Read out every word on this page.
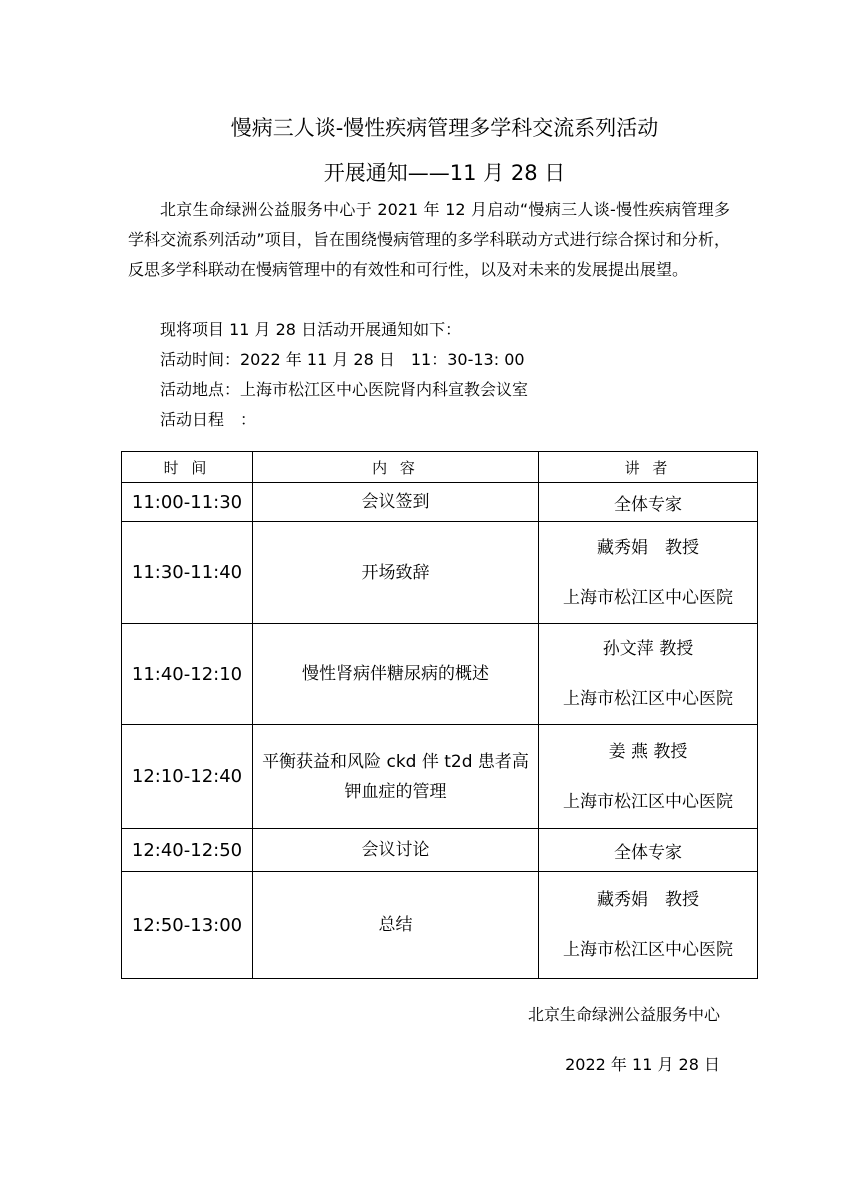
慢病三人谈-慢性疾病管理多学科交流系列活动
开展通知——11 月 28 日

北京生命绿洲公益服务中心于 2021 年 12 月启动“慢病三人谈-慢性疾病管理多学科交流系列活动”项目，旨在围绕慢病管理的多学科联动方式进行综合探讨和分析，反思多学科联动在慢病管理中的有效性和可行性，以及对未来的发展提出展望。

现将项目 11 月 28 日活动开展通知如下：

活动时间：2022 年 11 月 28 日　11：30-13: 00

活动地点：上海市松江区中心医院肾内科宣教会议室

活动日程　：

时 间	内 容	讲 者
11:00-11:30	会议签到	全体专家
11:30-11:40	开场致辞	藏秀娟　教授
上海市松江区中心医院

11:40-12:10	慢性肾病伴糖尿病的概述	孙文萍 教授
上海市松江区中心医院

12:10-12:40	平衡获益和风险 ckd 伴 t2d 患者高钾血症的管理	姜 燕 教授
上海市松江区中心医院

12:40-12:50	会议讨论	全体专家
12:50-13:00	总结	藏秀娟　教授
上海市松江区中心医院

北京生命绿洲公益服务中心

2022 年 11 月 28 日
